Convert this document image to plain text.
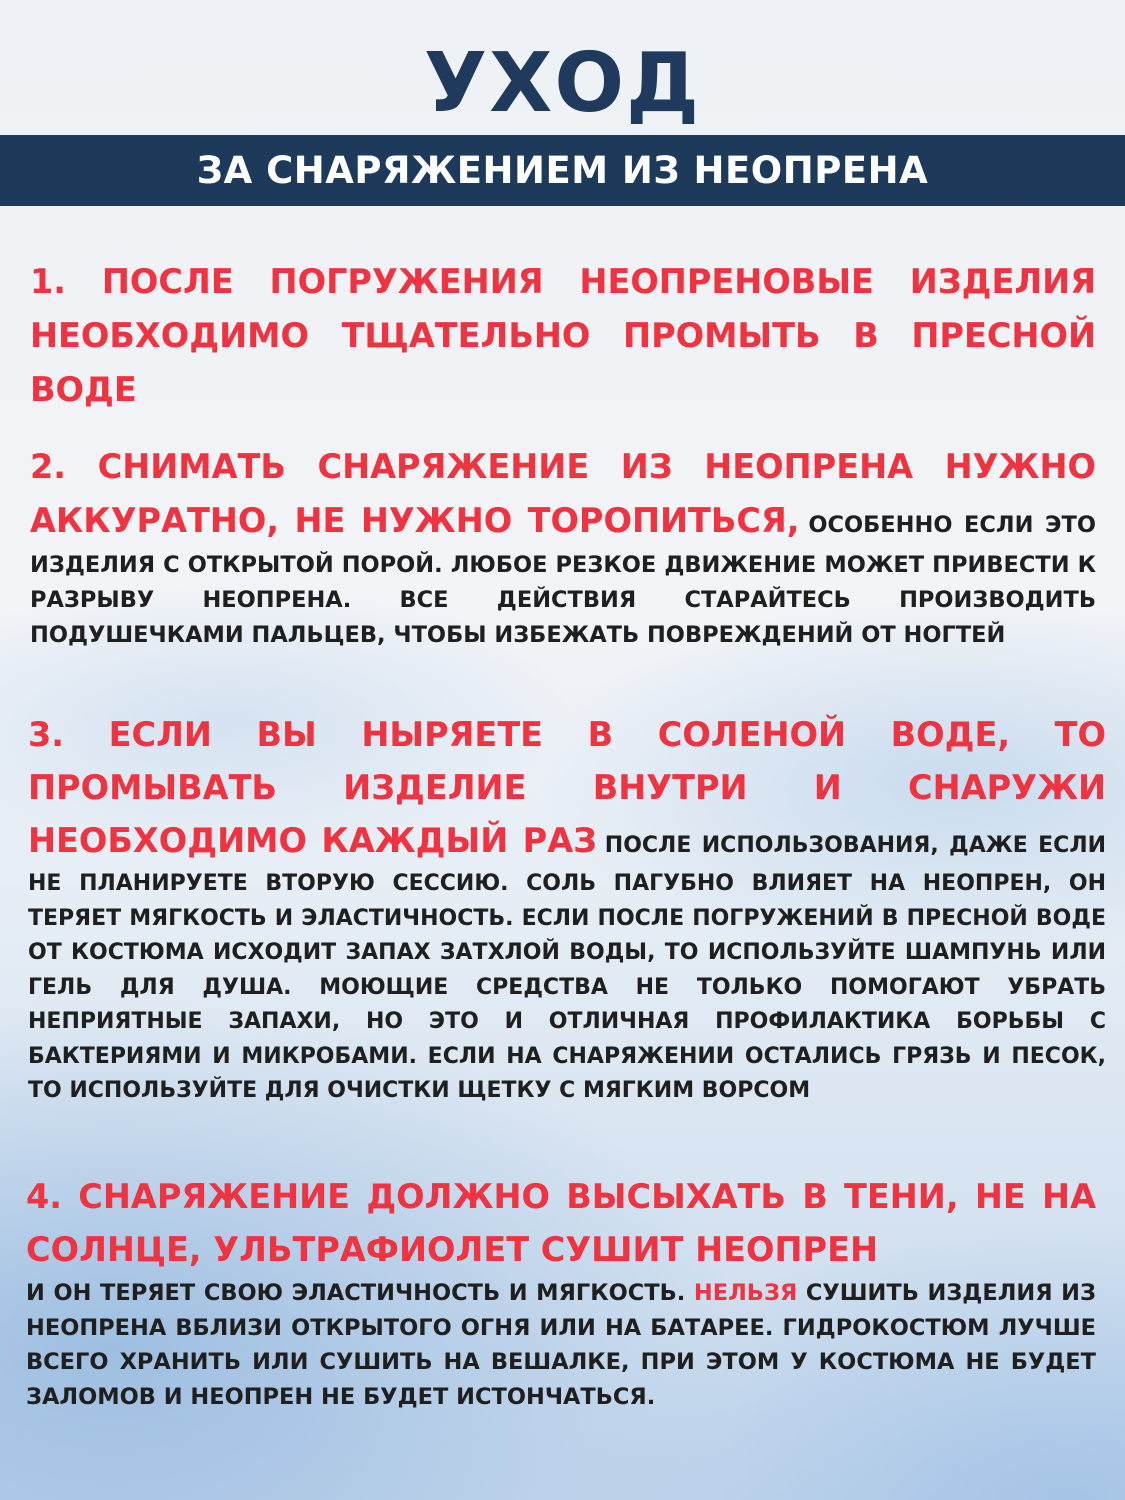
УХОД
ЗА СНАРЯЖЕНИЕМ ИЗ НЕОПРЕНА
1. ПОСЛЕ ПОГРУЖЕНИЯ НЕОПРЕНОВЫЕ ИЗДЕЛИЯ НЕОБХОДИМО ТЩАТЕЛЬНО ПРОМЫТЬ В ПРЕСНОЙ ВОДЕ
2. СНИМАТЬ СНАРЯЖЕНИЕ ИЗ НЕОПРЕНА НУЖНО АККУРАТНО, НЕ НУЖНО ТОРОПИТЬСЯ, ОСОБЕННО ЕСЛИ ЭТО ИЗДЕЛИЯ С ОТКРЫТОЙ ПОРОЙ. ЛЮБОЕ РЕЗКОЕ ДВИЖЕНИЕ МОЖЕТ ПРИВЕСТИ К РАЗРЫВУ НЕОПРЕНА. ВСЕ ДЕЙСТВИЯ СТАРАЙТЕСЬ ПРОИЗВОДИТЬ ПОДУШЕЧКАМИ ПАЛЬЦЕВ, ЧТОБЫ ИЗБЕЖАТЬ ПОВРЕЖДЕНИЙ ОТ НОГТЕЙ
3. ЕСЛИ ВЫ НЫРЯЕТЕ В СОЛЕНОЙ ВОДЕ, ТО ПРОМЫВАТЬ ИЗДЕЛИЕ ВНУТРИ И СНАРУЖИ НЕОБХОДИМО КАЖДЫЙ РАЗ ПОСЛЕ ИСПОЛЬЗОВАНИЯ, ДАЖЕ ЕСЛИ НЕ ПЛАНИРУЕТЕ ВТОРУЮ СЕССИЮ. СОЛЬ ПАГУБНО ВЛИЯЕТ НА НЕОПРЕН, ОН ТЕРЯЕТ МЯГКОСТЬ И ЭЛАСТИЧНОСТЬ. ЕСЛИ ПОСЛЕ ПОГРУЖЕНИЙ В ПРЕСНОЙ ВОДЕ ОТ КОСТЮМА ИСХОДИТ ЗАПАХ ЗАТХЛОЙ ВОДЫ, ТО ИСПОЛЬЗУЙТЕ ШАМПУНЬ ИЛИ ГЕЛЬ ДЛЯ ДУША. МОЮЩИЕ СРЕДСТВА НЕ ТОЛЬКО ПОМОГАЮТ УБРАТЬ НЕПРИЯТНЫЕ ЗАПАХИ, НО ЭТО И ОТЛИЧНАЯ ПРОФИЛАКТИКА БОРЬБЫ С БАКТЕРИЯМИ И МИКРОБАМИ. ЕСЛИ НА СНАРЯЖЕНИИ ОСТАЛИСЬ ГРЯЗЬ И ПЕСОК, ТО ИСПОЛЬЗУЙТЕ ДЛЯ ОЧИСТКИ ЩЕТКУ С МЯГКИМ ВОРСОМ
4. СНАРЯЖЕНИЕ ДОЛЖНО ВЫСЫХАТЬ В ТЕНИ, НЕ НА СОЛНЦЕ, УЛЬТРАФИОЛЕТ СУШИТ НЕОПРЕН
И ОН ТЕРЯЕТ СВОЮ ЭЛАСТИЧНОСТЬ И МЯГКОСТЬ. НЕЛЬЗЯ СУШИТЬ ИЗДЕЛИЯ ИЗ НЕОПРЕНА ВБЛИЗИ ОТКРЫТОГО ОГНЯ ИЛИ НА БАТАРЕЕ. ГИДРОКОСТЮМ ЛУЧШЕ ВСЕГО ХРАНИТЬ ИЛИ СУШИТЬ НА ВЕШАЛКЕ, ПРИ ЭТОМ У КОСТЮМА НЕ БУДЕТ ЗАЛОМОВ И НЕОПРЕН НЕ БУДЕТ ИСТОНЧАТЬСЯ.
